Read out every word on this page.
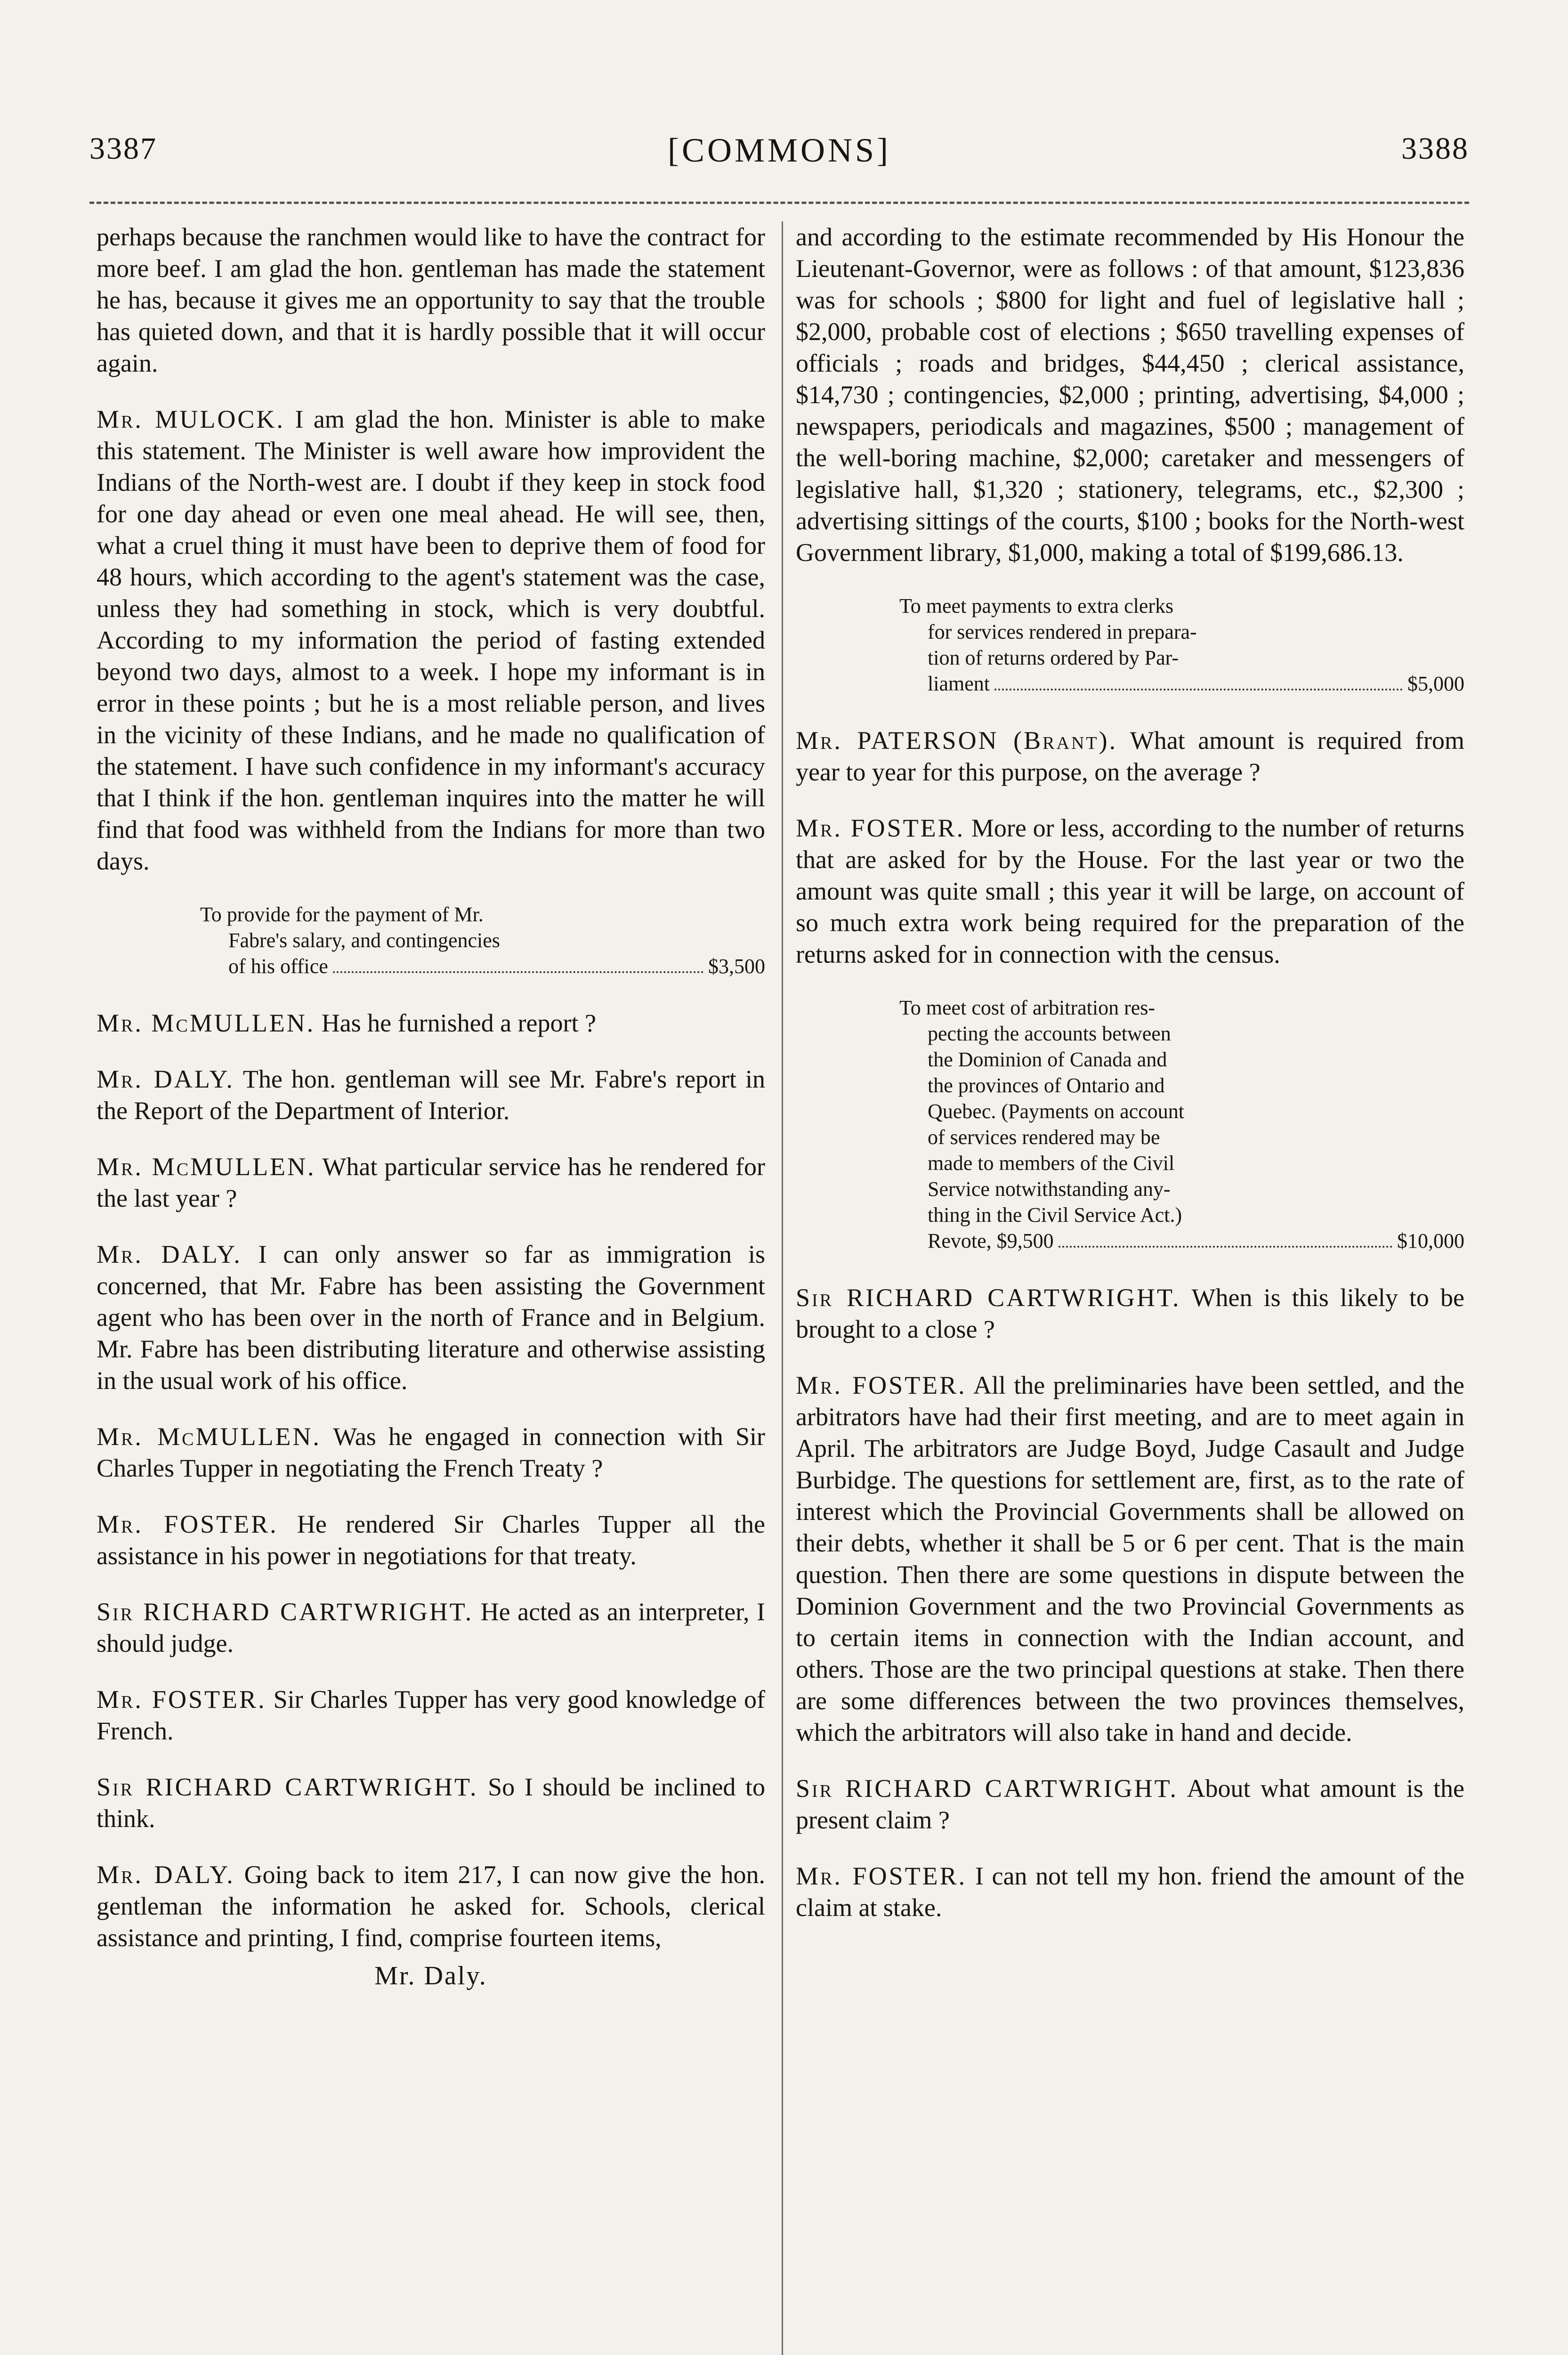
3387	[COMMONS]	3388

perhaps because the ranchmen would like to have the contract for more beef. I am glad the hon. gentleman has made the statement he has, because it gives me an opportunity to say that the trouble has quieted down, and that it is hardly possible that it will occur again.

Mr. MULOCK. I am glad the hon. Minister is able to make this statement. The Minister is well aware how improvident the Indians of the North-west are. I doubt if they keep in stock food for one day ahead or even one meal ahead. He will see, then, what a cruel thing it must have been to deprive them of food for 48 hours, which according to the agent's statement was the case, unless they had something in stock, which is very doubtful. According to my information the period of fasting extended beyond two days, almost to a week. I hope my informant is in error in these points ; but he is a most reliable person, and lives in the vicinity of these Indians, and he made no qualification of the statement. I have such confidence in my informant's accuracy that I think if the hon. gentleman inquires into the matter he will find that food was withheld from the Indians for more than two days.

To provide for the payment of Mr.
Fabre's salary, and contingencies
of his office	$3,500

Mr. McMULLEN. Has he furnished a report ?

Mr. DALY. The hon. gentleman will see Mr. Fabre's report in the Report of the Department of Interior.

Mr. McMULLEN. What particular service has he rendered for the last year ?

Mr. DALY. I can only answer so far as immigration is concerned, that Mr. Fabre has been assisting the Government agent who has been over in the north of France and in Belgium. Mr. Fabre has been distributing literature and otherwise assisting in the usual work of his office.

Mr. McMULLEN. Was he engaged in connection with Sir Charles Tupper in negotiating the French Treaty ?

Mr. FOSTER. He rendered Sir Charles Tupper all the assistance in his power in negotiations for that treaty.

Sir RICHARD CARTWRIGHT. He acted as an interpreter, I should judge.

Mr. FOSTER. Sir Charles Tupper has very good knowledge of French.

Sir RICHARD CARTWRIGHT. So I should be inclined to think.

Mr. DALY. Going back to item 217, I can now give the hon. gentleman the information he asked for. Schools, clerical assistance and printing, I find, comprise fourteen items,

Mr. Daly.

and according to the estimate recommended by His Honour the Lieutenant-Governor, were as follows : of that amount, $123,836 was for schools ; $800 for light and fuel of legislative hall ; $2,000, probable cost of elections ; $650 travelling expenses of officials ; roads and bridges, $44,450 ; clerical assistance, $14,730 ; contingencies, $2,000 ; printing, advertising, $4,000 ; newspapers, periodicals and magazines, $500 ; management of the well-boring machine, $2,000; caretaker and messengers of legislative hall, $1,320 ; stationery, telegrams, etc., $2,300 ; advertising sittings of the courts, $100 ; books for the North-west Government library, $1,000, making a total of $199,686.13.

To meet payments to extra clerks
for services rendered in prepara-
tion of returns ordered by Par-
liament	$5,000

Mr. PATERSON (Brant). What amount is required from year to year for this purpose, on the average ?

Mr. FOSTER. More or less, according to the number of returns that are asked for by the House. For the last year or two the amount was quite small ; this year it will be large, on account of so much extra work being required for the preparation of the returns asked for in connection with the census.

To meet cost of arbitration res-
pecting the accounts between
the Dominion of Canada and
the provinces of Ontario and
Quebec. (Payments on account
of services rendered may be
made to members of the Civil
Service notwithstanding any-
thing in the Civil Service Act.)
Revote, $9,500	$10,000

Sir RICHARD CARTWRIGHT. When is this likely to be brought to a close ?

Mr. FOSTER. All the preliminaries have been settled, and the arbitrators have had their first meeting, and are to meet again in April. The arbitrators are Judge Boyd, Judge Casault and Judge Burbidge. The questions for settlement are, first, as to the rate of interest which the Provincial Governments shall be allowed on their debts, whether it shall be 5 or 6 per cent. That is the main question. Then there are some questions in dispute between the Dominion Government and the two Provincial Governments as to certain items in connection with the Indian account, and others. Those are the two principal questions at stake. Then there are some differences between the two provinces themselves, which the arbitrators will also take in hand and decide.

Sir RICHARD CARTWRIGHT. About what amount is the present claim ?

Mr. FOSTER. I can not tell my hon. friend the amount of the claim at stake.
